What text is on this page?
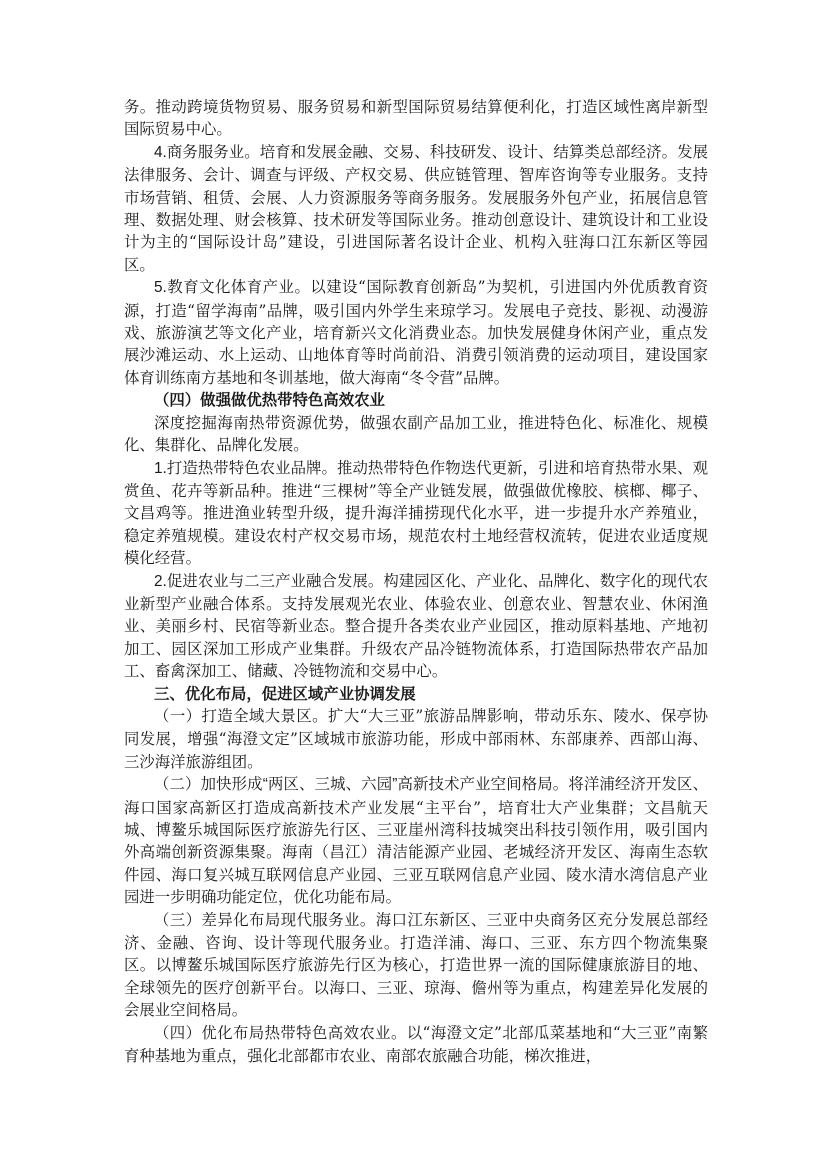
务。推动跨境货物贸易、服务贸易和新型国际贸易结算便利化，打造区域性离岸新型国际贸易中心。

4.商务服务业。培育和发展金融、交易、科技研发、设计、结算类总部经济。发展法律服务、会计、调查与评级、产权交易、供应链管理、智库咨询等专业服务。支持市场营销、租赁、会展、人力资源服务等商务服务。发展服务外包产业，拓展信息管理、数据处理、财会核算、技术研发等国际业务。推动创意设计、建筑设计和工业设计为主的“国际设计岛”建设，引进国际著名设计企业、机构入驻海口江东新区等园区。

5.教育文化体育产业。以建设“国际教育创新岛”为契机，引进国内外优质教育资源，打造“留学海南”品牌，吸引国内外学生来琼学习。发展电子竞技、影视、动漫游戏、旅游演艺等文化产业，培育新兴文化消费业态。加快发展健身休闲产业，重点发展沙滩运动、水上运动、山地体育等时尚前沿、消费引领消费的运动项目，建设国家体育训练南方基地和冬训基地，做大海南“冬令营”品牌。

（四）做强做优热带特色高效农业

深度挖掘海南热带资源优势，做强农副产品加工业，推进特色化、标准化、规模化、集群化、品牌化发展。

1.打造热带特色农业品牌。推动热带特色作物迭代更新，引进和培育热带水果、观赏鱼、花卉等新品种。推进“三棵树”等全产业链发展，做强做优橡胶、槟榔、椰子、文昌鸡等。推进渔业转型升级，提升海洋捕捞现代化水平，进一步提升水产养殖业，稳定养殖规模。建设农村产权交易市场，规范农村土地经营权流转，促进农业适度规模化经营。

2.促进农业与二三产业融合发展。构建园区化、产业化、品牌化、数字化的现代农业新型产业融合体系。支持发展观光农业、体验农业、创意农业、智慧农业、休闲渔业、美丽乡村、民宿等新业态。整合提升各类农业产业园区，推动原料基地、产地初加工、园区深加工形成产业集群。升级农产品冷链物流体系，打造国际热带农产品加工、畜禽深加工、储藏、冷链物流和交易中心。

三、优化布局，促进区域产业协调发展

（一）打造全域大景区。扩大“大三亚”旅游品牌影响，带动乐东、陵水、保亭协同发展，增强“海澄文定”区域城市旅游功能，形成中部雨林、东部康养、西部山海、三沙海洋旅游组团。

（二）加快形成“两区、三城、六园”高新技术产业空间格局。将洋浦经济开发区、海口国家高新区打造成高新技术产业发展“主平台”，培育壮大产业集群；文昌航天城、博鳌乐城国际医疗旅游先行区、三亚崖州湾科技城突出科技引领作用，吸引国内外高端创新资源集聚。海南（昌江）清洁能源产业园、老城经济开发区、海南生态软件园、海口复兴城互联网信息产业园、三亚互联网信息产业园、陵水清水湾信息产业园进一步明确功能定位，优化功能布局。

（三）差异化布局现代服务业。海口江东新区、三亚中央商务区充分发展总部经济、金融、咨询、设计等现代服务业。打造洋浦、海口、三亚、东方四个物流集聚区。以博鳌乐城国际医疗旅游先行区为核心，打造世界一流的国际健康旅游目的地、全球领先的医疗创新平台。以海口、三亚、琼海、儋州等为重点，构建差异化发展的会展业空间格局。

（四）优化布局热带特色高效农业。以“海澄文定”北部瓜菜基地和“大三亚”南繁育种基地为重点，强化北部都市农业、南部农旅融合功能，梯次推进，
